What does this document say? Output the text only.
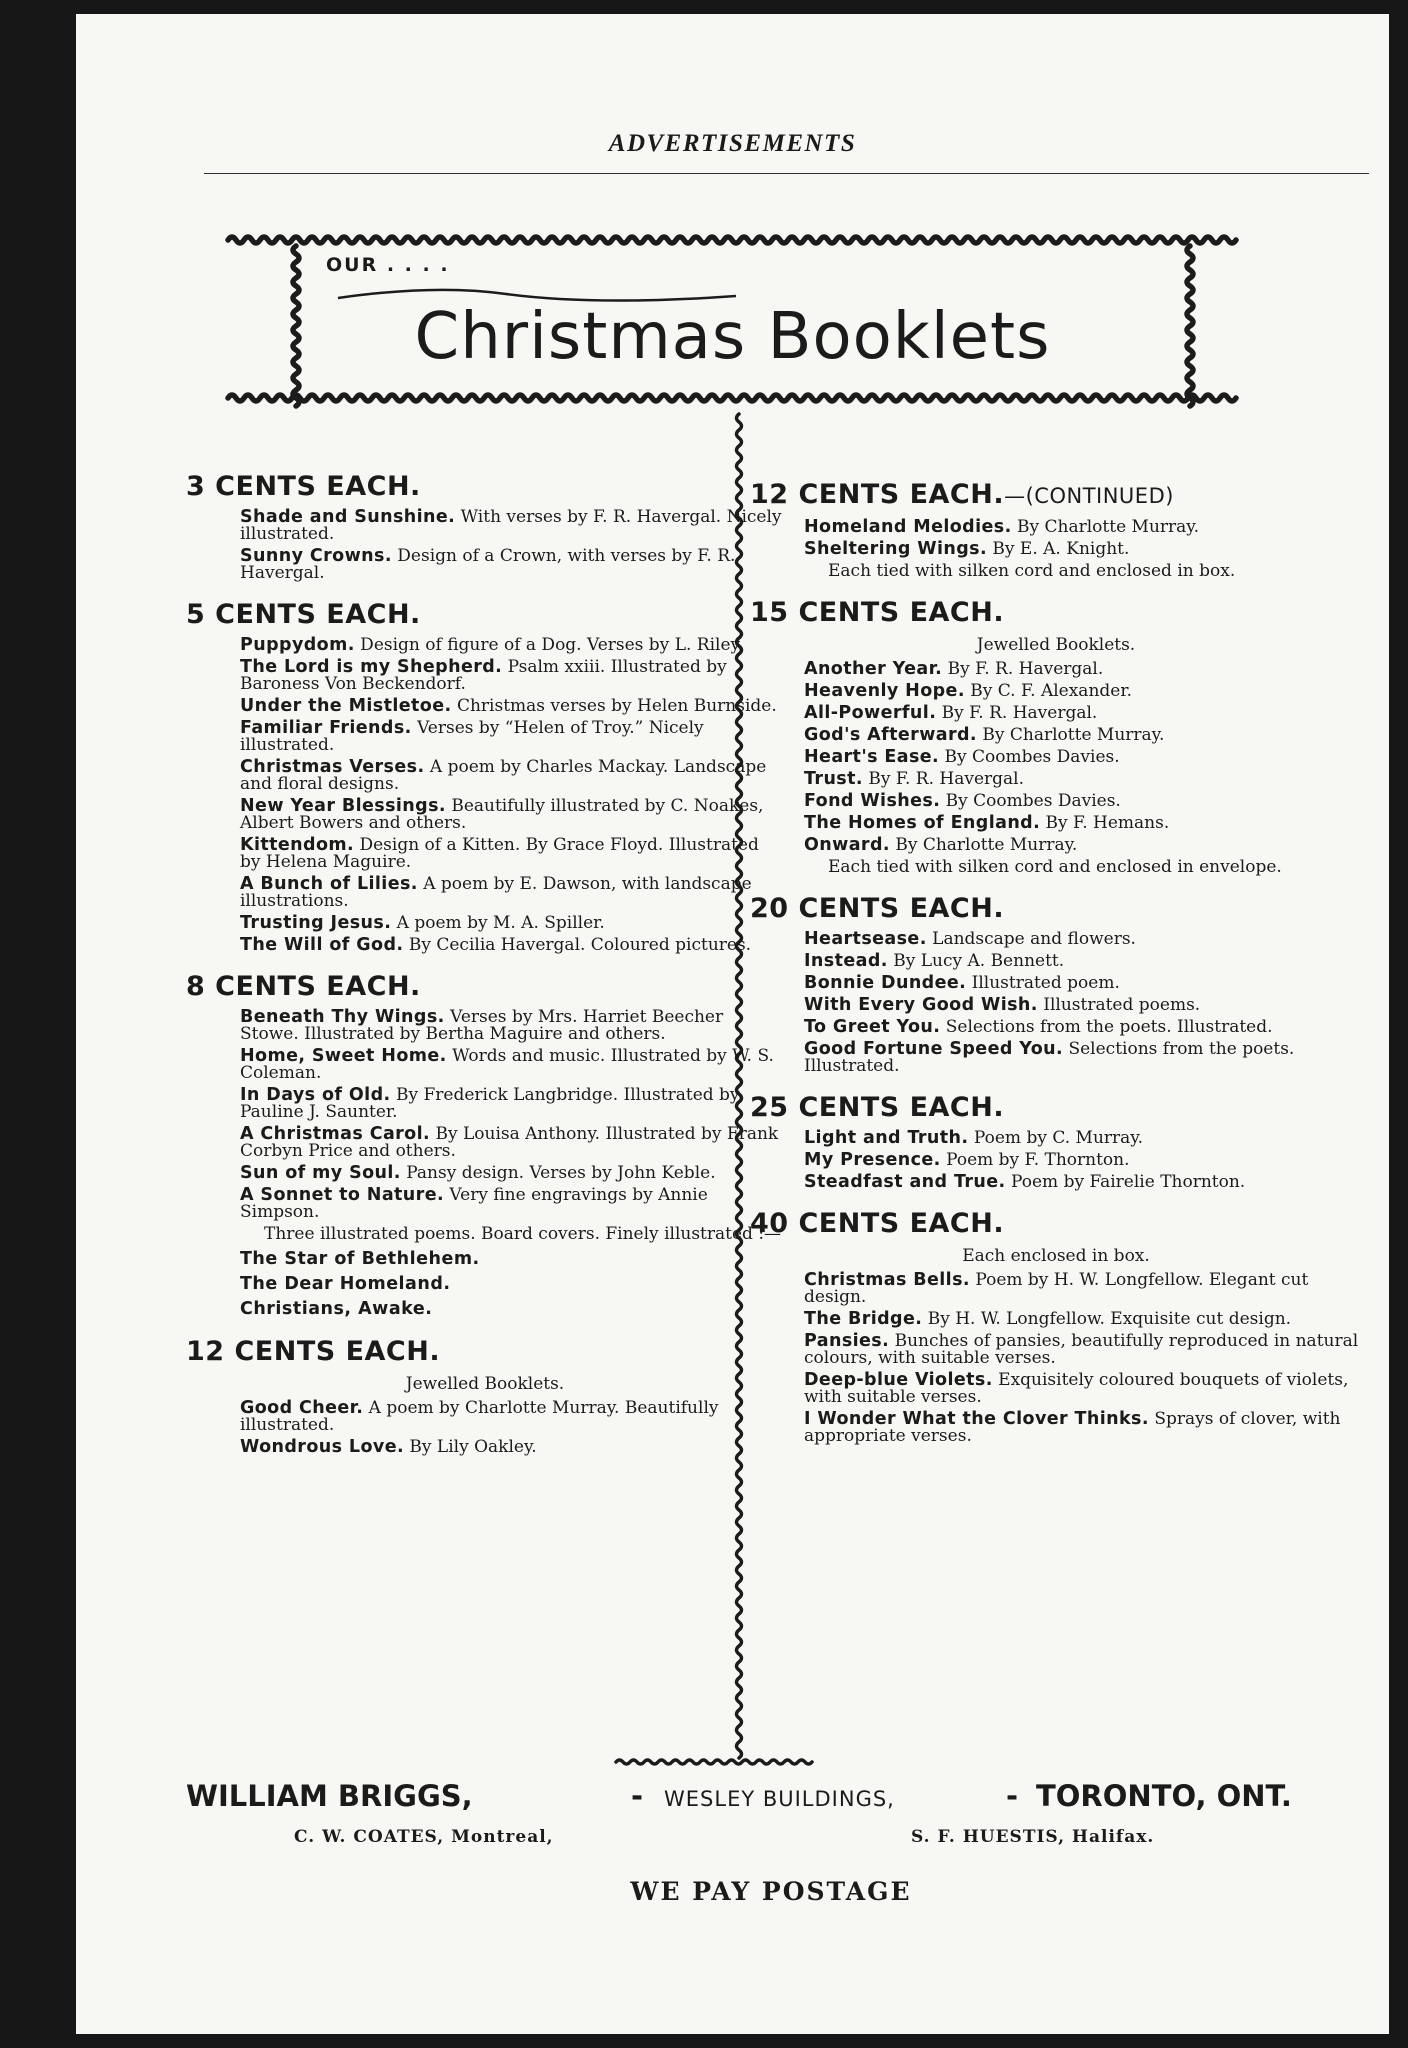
ADVERTISEMENTS
OUR . . . .
Christmas Booklets
3 CENTS EACH.
Shade and Sunshine. With verses by F. R. Havergal. Nicely illustrated.
Sunny Crowns. Design of a Crown, with verses by F. R. Havergal.
5 CENTS EACH.
Puppydom. Design of figure of a Dog. Verses by L. Riley.
The Lord is my Shepherd. Psalm xxiii. Illustrated by Baroness Von Beckendorf.
Under the Mistletoe. Christmas verses by Helen Burnside.
Familiar Friends. Verses by “Helen of Troy.” Nicely illustrated.
Christmas Verses. A poem by Charles Mackay. Landscape and floral designs.
New Year Blessings. Beautifully illustrated by C. Noakes, Albert Bowers and others.
Kittendom. Design of a Kitten. By Grace Floyd. Illustrated by Helena Maguire.
A Bunch of Lilies. A poem by E. Dawson, with landscape illustrations.
Trusting Jesus. A poem by M. A. Spiller.
The Will of God. By Cecilia Havergal. Coloured pictures.
8 CENTS EACH.
Beneath Thy Wings. Verses by Mrs. Harriet Beecher Stowe. Illustrated by Bertha Maguire and others.
Home, Sweet Home. Words and music. Illustrated by W. S. Coleman.
In Days of Old. By Frederick Langbridge. Illustrated by Pauline J. Saunter.
A Christmas Carol. By Louisa Anthony. Illustrated by Frank Corbyn Price and others.
Sun of my Soul. Pansy design. Verses by John Keble.
A Sonnet to Nature. Very fine engravings by Annie Simpson.
Three illustrated poems. Board covers. Finely illustrated :—
The Star of Bethlehem.
The Dear Homeland.
Christians, Awake.
12 CENTS EACH.
Jewelled Booklets.
Good Cheer. A poem by Charlotte Murray. Beautifully illustrated.
Wondrous Love. By Lily Oakley.
12 CENTS EACH.—(CONTINUED)
Homeland Melodies. By Charlotte Murray.
Sheltering Wings. By E. A. Knight.
Each tied with silken cord and enclosed in box.
15 CENTS EACH.
Jewelled Booklets.
Another Year. By F. R. Havergal.
Heavenly Hope. By C. F. Alexander.
All-Powerful. By F. R. Havergal.
God's Afterward. By Charlotte Murray.
Heart's Ease. By Coombes Davies.
Trust. By F. R. Havergal.
Fond Wishes. By Coombes Davies.
The Homes of England. By F. Hemans.
Onward. By Charlotte Murray.
Each tied with silken cord and enclosed in envelope.
20 CENTS EACH.
Heartsease. Landscape and flowers.
Instead. By Lucy A. Bennett.
Bonnie Dundee. Illustrated poem.
With Every Good Wish. Illustrated poems.
To Greet You. Selections from the poets. Illustrated.
Good Fortune Speed You. Selections from the poets. Illustrated.
25 CENTS EACH.
Light and Truth. Poem by C. Murray.
My Presence. Poem by F. Thornton.
Steadfast and True. Poem by Fairelie Thornton.
40 CENTS EACH.
Each enclosed in box.
Christmas Bells. Poem by H. W. Longfellow. Elegant cut design.
The Bridge. By H. W. Longfellow. Exquisite cut design.
Pansies. Bunches of pansies, beautifully reproduced in natural colours, with suitable verses.
Deep-blue Violets. Exquisitely coloured bouquets of violets, with suitable verses.
I Wonder What the Clover Thinks. Sprays of clover, with appropriate verses.
WILLIAM BRIGGS,	- WESLEY BUILDINGS,	- TORONTO, ONT.
C. W. COATES, Montreal,	S. F. HUESTIS, Halifax.
WE PAY POSTAGE
